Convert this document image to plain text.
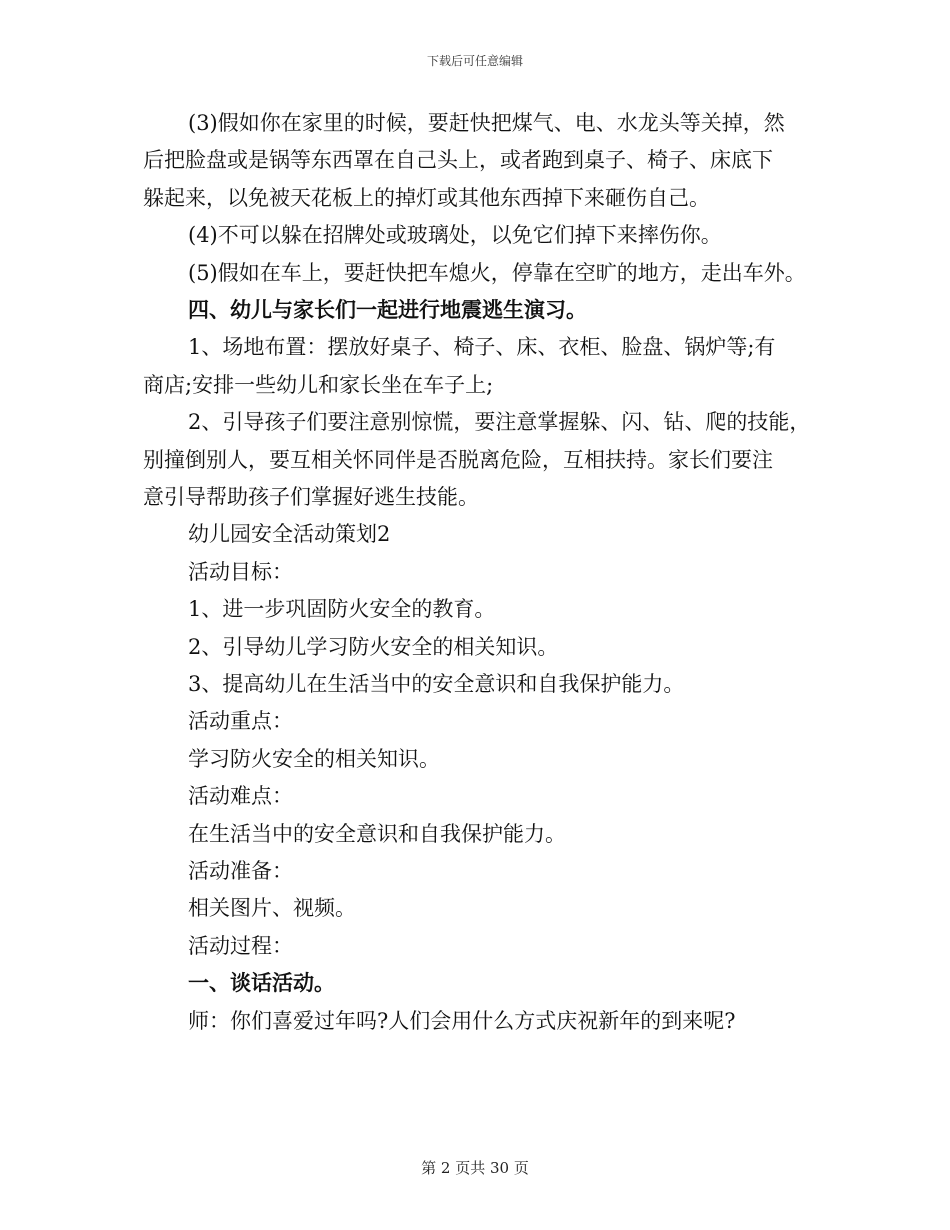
下载后可任意编辑
(3)假如你在家里的时候，要赶快把煤气、电、水龙头等关掉，然
后把脸盘或是锅等东西罩在自己头上，或者跑到桌子、椅子、床底下
躲起来，以免被天花板上的掉灯或其他东西掉下来砸伤自己。
(4)不可以躲在招牌处或玻璃处，以免它们掉下来摔伤你。
(5)假如在车上，要赶快把车熄火，停靠在空旷的地方，走出车外。
四、幼儿与家长们一起进行地震逃生演习。
1、场地布置：摆放好桌子、椅子、床、衣柜、脸盘、锅炉等;有
商店;安排一些幼儿和家长坐在车子上;
2、引导孩子们要注意别惊慌，要注意掌握躲、闪、钻、爬的技能，
别撞倒别人，要互相关怀同伴是否脱离危险，互相扶持。家长们要注
意引导帮助孩子们掌握好逃生技能。
幼儿园安全活动策划2
活动目标：
1、进一步巩固防火安全的教育。
2、引导幼儿学习防火安全的相关知识。
3、提高幼儿在生活当中的安全意识和自我保护能力。
活动重点：
学习防火安全的相关知识。
活动难点：
在生活当中的安全意识和自我保护能力。
活动准备：
相关图片、视频。
活动过程：
一、谈话活动。
师：你们喜爱过年吗?人们会用什么方式庆祝新年的到来呢?
第 2 页共 30 页
